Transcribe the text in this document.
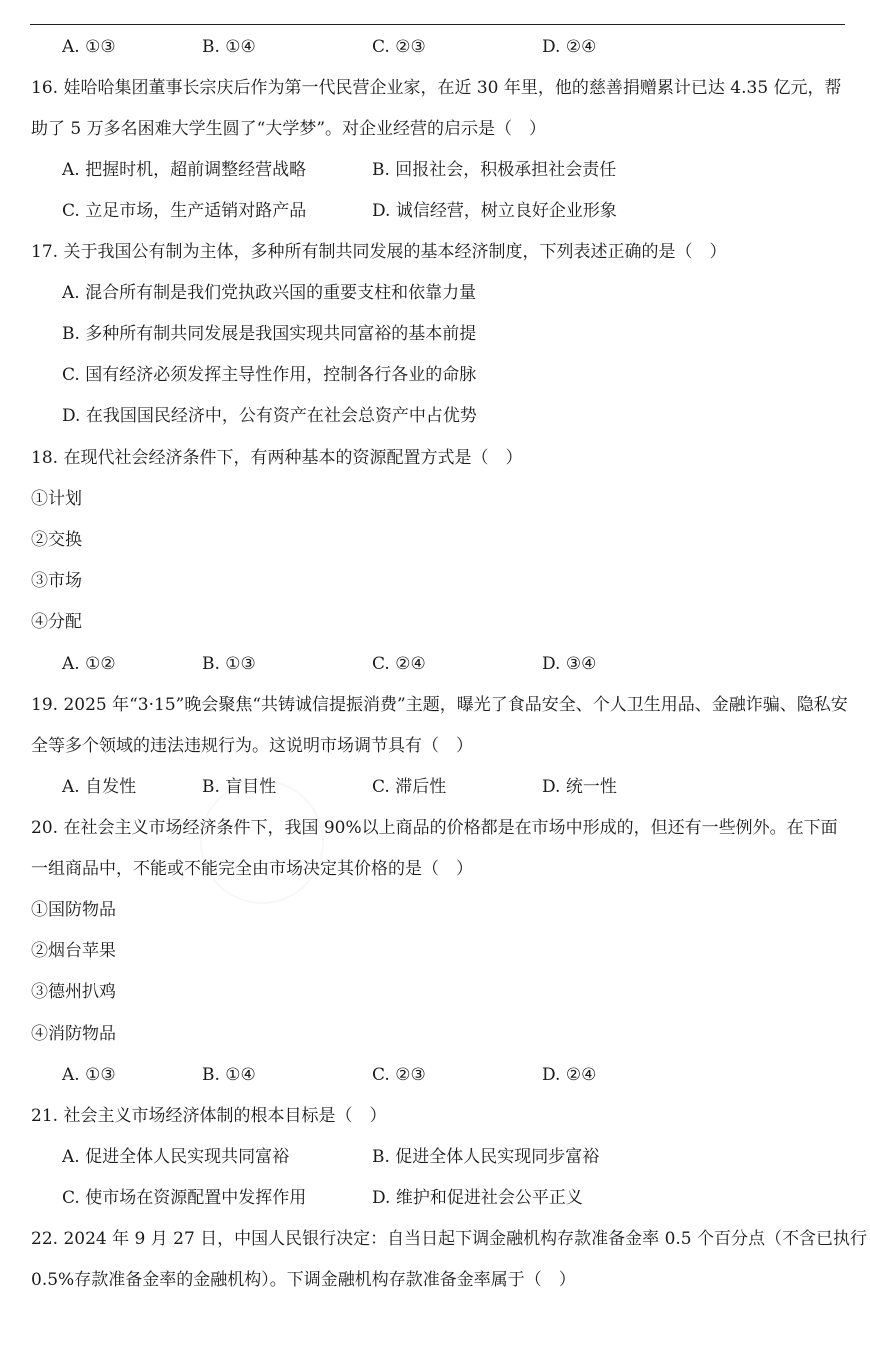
A. ①③	B. ①④	C. ②③	D. ②④
16. 娃哈哈集团董事长宗庆后作为第一代民营企业家，在近 30 年里，他的慈善捐赠累计已达 4.35 亿元，帮
助了 5 万多名困难大学生圆了“大学梦”。对企业经营的启示是（　）
A. 把握时机，超前调整经营战略	B. 回报社会，积极承担社会责任
C. 立足市场，生产适销对路产品	D. 诚信经营，树立良好企业形象
17. 关于我国公有制为主体，多种所有制共同发展的基本经济制度，下列表述正确的是（　）
A. 混合所有制是我们党执政兴国的重要支柱和依靠力量
B. 多种所有制共同发展是我国实现共同富裕的基本前提
C. 国有经济必须发挥主导性作用，控制各行各业的命脉
D. 在我国国民经济中，公有资产在社会总资产中占优势
18. 在现代社会经济条件下，有两种基本的资源配置方式是（　）
①计划
②交换
③市场
④分配
A. ①②	B. ①③	C. ②④	D. ③④
19. 2025 年“3·15”晚会聚焦“共铸诚信提振消费”主题，曝光了食品安全、个人卫生用品、金融诈骗、隐私安
全等多个领域的违法违规行为。这说明市场调节具有（　）
A. 自发性	B. 盲目性	C. 滞后性	D. 统一性
20. 在社会主义市场经济条件下，我国 90%以上商品的价格都是在市场中形成的，但还有一些例外。在下面
一组商品中，不能或不能完全由市场决定其价格的是（　）
①国防物品
②烟台苹果
③德州扒鸡
④消防物品
A. ①③	B. ①④	C. ②③	D. ②④
21. 社会主义市场经济体制的根本目标是（　）
A. 促进全体人民实现共同富裕	B. 促进全体人民实现同步富裕
C. 使市场在资源配置中发挥作用	D. 维护和促进社会公平正义
22. 2024 年 9 月 27 日，中国人民银行决定：自当日起下调金融机构存款准备金率 0.5 个百分点（不含已执行
0.5%存款准备金率的金融机构）。下调金融机构存款准备金率属于（　）
